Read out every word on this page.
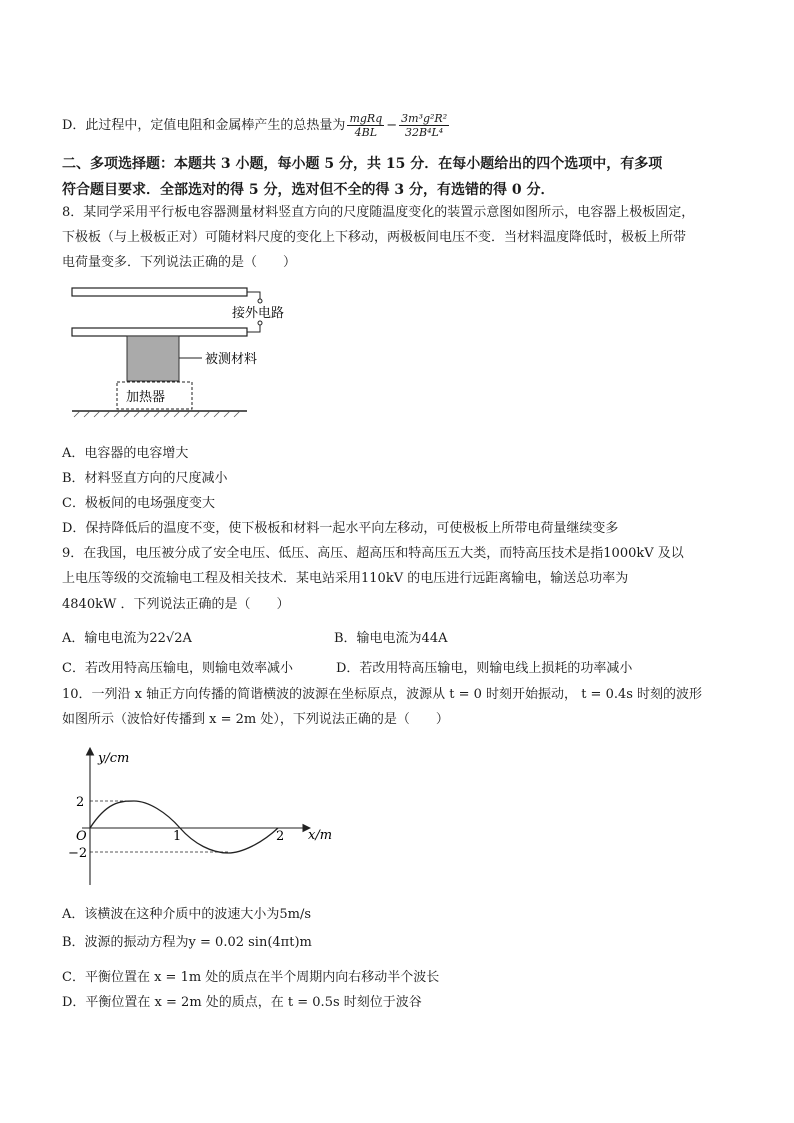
D．此过程中，定值电阻和金属棒产生的总热量为 $\frac{\text{mgRq}}{4BL} - \frac{\text{3m³g²R²}}{\text{32B⁴L⁴}}$
二、多项选择题：本题共 3 小题，每小题 5 分，共 15 分．在每小题给出的四个选项中，有多项
符合题目要求．全部选对的得 5 分，选对但不全的得 3 分，有选错的得 0 分．
8．某同学采用平行板电容器测量材料竖直方向的尺度随温度变化的装置示意图如图所示，电容器上极板固定，
下极板（与上极板正对）可随材料尺度的变化上下移动，两极板间电压不变．当材料温度降低时，极板上所带
电荷量变多．下列说法正确的是（　　）
接外电路
被测材料
加热器
A．电容器的电容增大
B．材料竖直方向的尺度减小
C．极板间的电场强度变大
D．保持降低后的温度不变，使下极板和材料一起水平向左移动，可使极板上所带电荷量继续变多
9．在我国，电压被分成了安全电压、低压、高压、超高压和特高压五大类，而特高压技术是指1000kV 及以
上电压等级的交流输电工程及相关技术．某电站采用110kV 的电压进行远距离输电，输送总功率为
4840kW ．下列说法正确的是（　　）
A．输电电流为22√2A	B．输电电流为44A
C．若改用特高压输电，则输电效率减小	D．若改用特高压输电，则输电线上损耗的功率减小
10．一列沿 x 轴正方向传播的简谐横波的波源在坐标原点，波源从 t = 0 时刻开始振动， t = 0.4s 时刻的波形
如图所示（波恰好传播到 x = 2m 处），下列说法正确的是（　　）
y/cm
x/m
O
2
−2
1	2
A．该横波在这种介质中的波速大小为5m/s
B．波源的振动方程为y = 0.02 sin(4πt)m
C．平衡位置在 x = 1m 处的质点在半个周期内向右移动半个波长
D．平衡位置在 x = 2m 处的质点，在 t = 0.5s 时刻位于波谷
